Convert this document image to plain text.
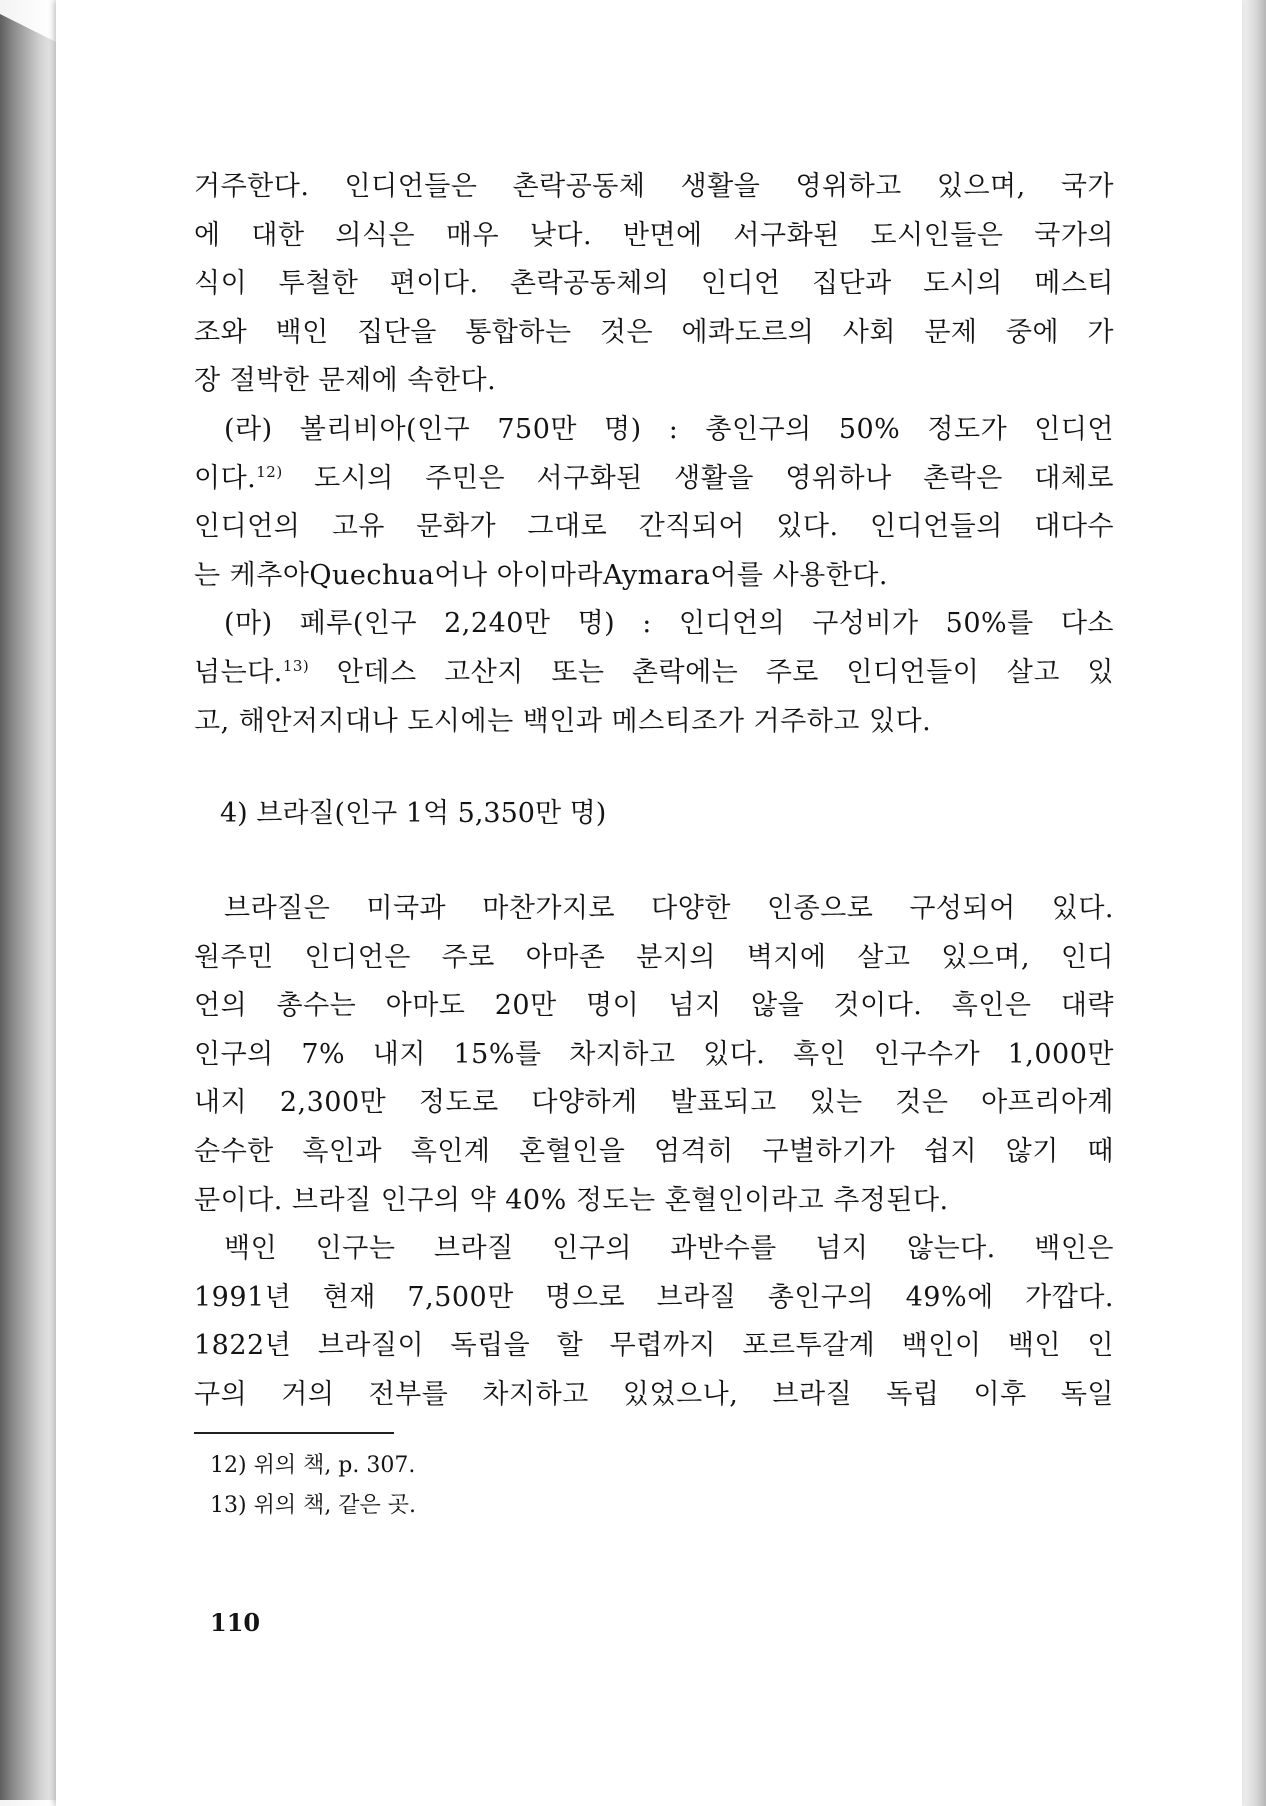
거주한다. 인디언들은 촌락공동체 생활을 영위하고 있으며, 국가
에 대한 의식은 매우 낮다. 반면에 서구화된 도시인들은 국가의
식이 투철한 편이다. 촌락공동체의 인디언 집단과 도시의 메스티
조와 백인 집단을 통합하는 것은 에콰도르의 사회 문제 중에 가
장 절박한 문제에 속한다.
(라) 볼리비아(인구 750만 명) : 총인구의 50% 정도가 인디언
이다.$^{12)}$ 도시의 주민은 서구화된 생활을 영위하나 촌락은 대체로
인디언의 고유 문화가 그대로 간직되어 있다. 인디언들의 대다수
는 케추아Quechua어나 아이마라Aymara어를 사용한다.
(마) 페루(인구 2,240만 명) : 인디언의 구성비가 50%를 다소
넘는다.$^{13)}$ 안데스 고산지 또는 촌락에는 주로 인디언들이 살고 있
고, 해안저지대나 도시에는 백인과 메스티조가 거주하고 있다.
4) 브라질(인구 1억 5,350만 명)
브라질은 미국과 마찬가지로 다양한 인종으로 구성되어 있다.
원주민 인디언은 주로 아마존 분지의 벽지에 살고 있으며, 인디
언의 총수는 아마도 20만 명이 넘지 않을 것이다. 흑인은 대략
인구의 7% 내지 15%를 차지하고 있다. 흑인 인구수가 1,000만
내지 2,300만 정도로 다양하게 발표되고 있는 것은 아프리아계
순수한 흑인과 흑인계 혼혈인을 엄격히 구별하기가 쉽지 않기 때
문이다. 브라질 인구의 약 40% 정도는 혼혈인이라고 추정된다.
백인 인구는 브라질 인구의 과반수를 넘지 않는다. 백인은
1991년 현재 7,500만 명으로 브라질 총인구의 49%에 가깝다.
1822년 브라질이 독립을 할 무렵까지 포르투갈계 백인이 백인 인
구의 거의 전부를 차지하고 있었으나, 브라질 독립 이후 독일
12) 위의 책, p. 307.
13) 위의 책, 같은 곳.
110
